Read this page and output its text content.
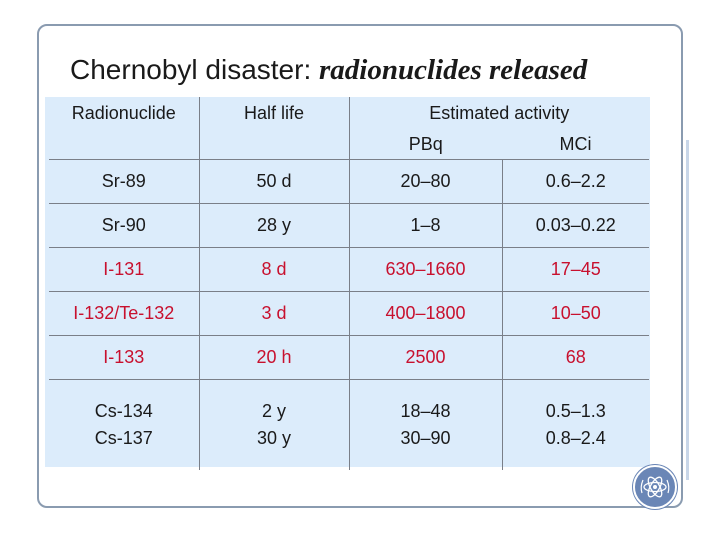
Chernobyl disaster: radionuclides released
Radionuclide	Half life	Estimated activity	
		PBq	MCi
Sr-89	50 d	20–80	0.6–2.2
Sr-90	28 y	1–8	0.03–0.22
I-131	8 d	630–1660	17–45
I-132/Te-132	3 d	400–1800	10–50
I-133	20 h	2500	68
Cs-134	2 y	18–48	0.5–1.3
Cs-137	30 y	30–90	0.8–2.4
